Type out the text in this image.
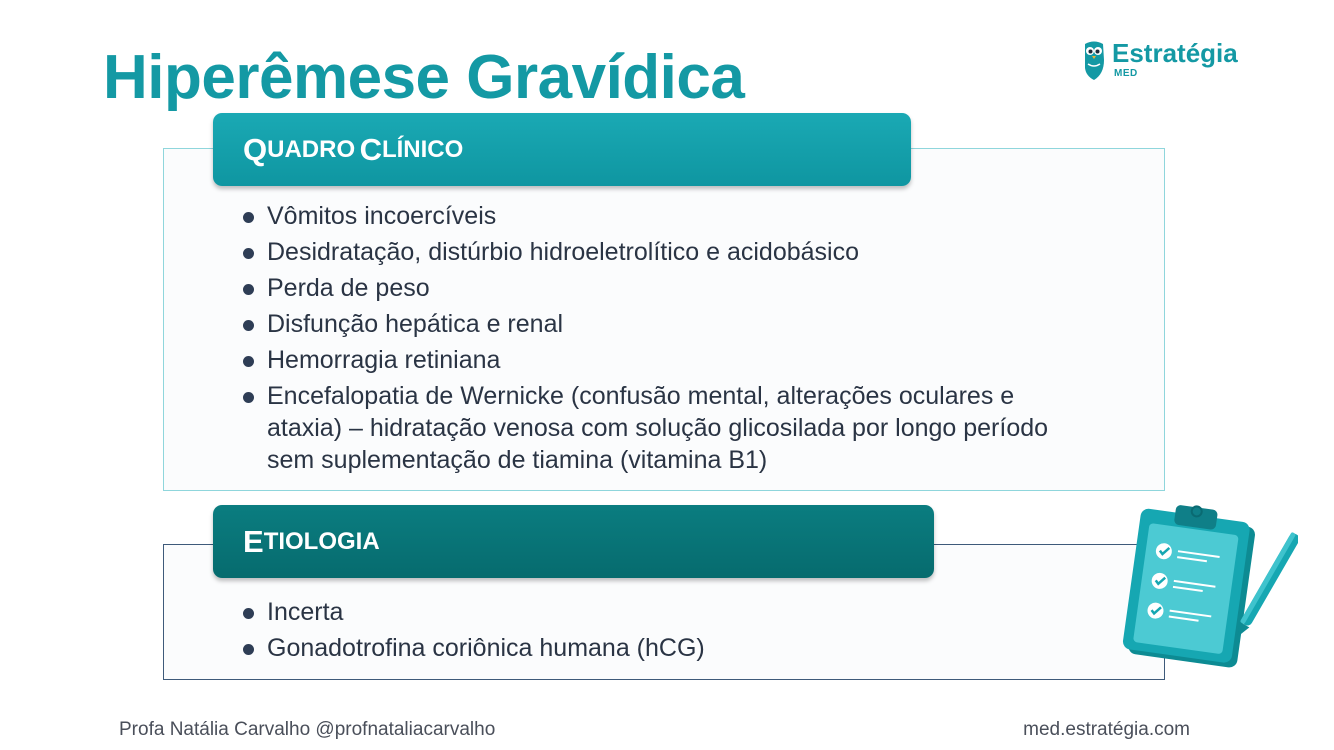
Hiperêmese Gravídica	Estratégia
MED
Q UADRO
C LÍNICO
Vômitos incoercíveis
Desidratação, distúrbio hidroeletrolítico e acidobásico
Perda de peso
Disfunção hepática e renal
Hemorragia retiniana
Encefalopatia de Wernicke (confusão mental, alterações oculares e ataxia) – hidratação venosa com solução glicosilada por longo período sem suplementação de tiamina (vitamina B1)
E TIOLOGIA
Incerta
Gonadotrofina coriônica humana (hCG)
Profa Natália Carvalho @profnataliacarvalho	med.estratégia.com
